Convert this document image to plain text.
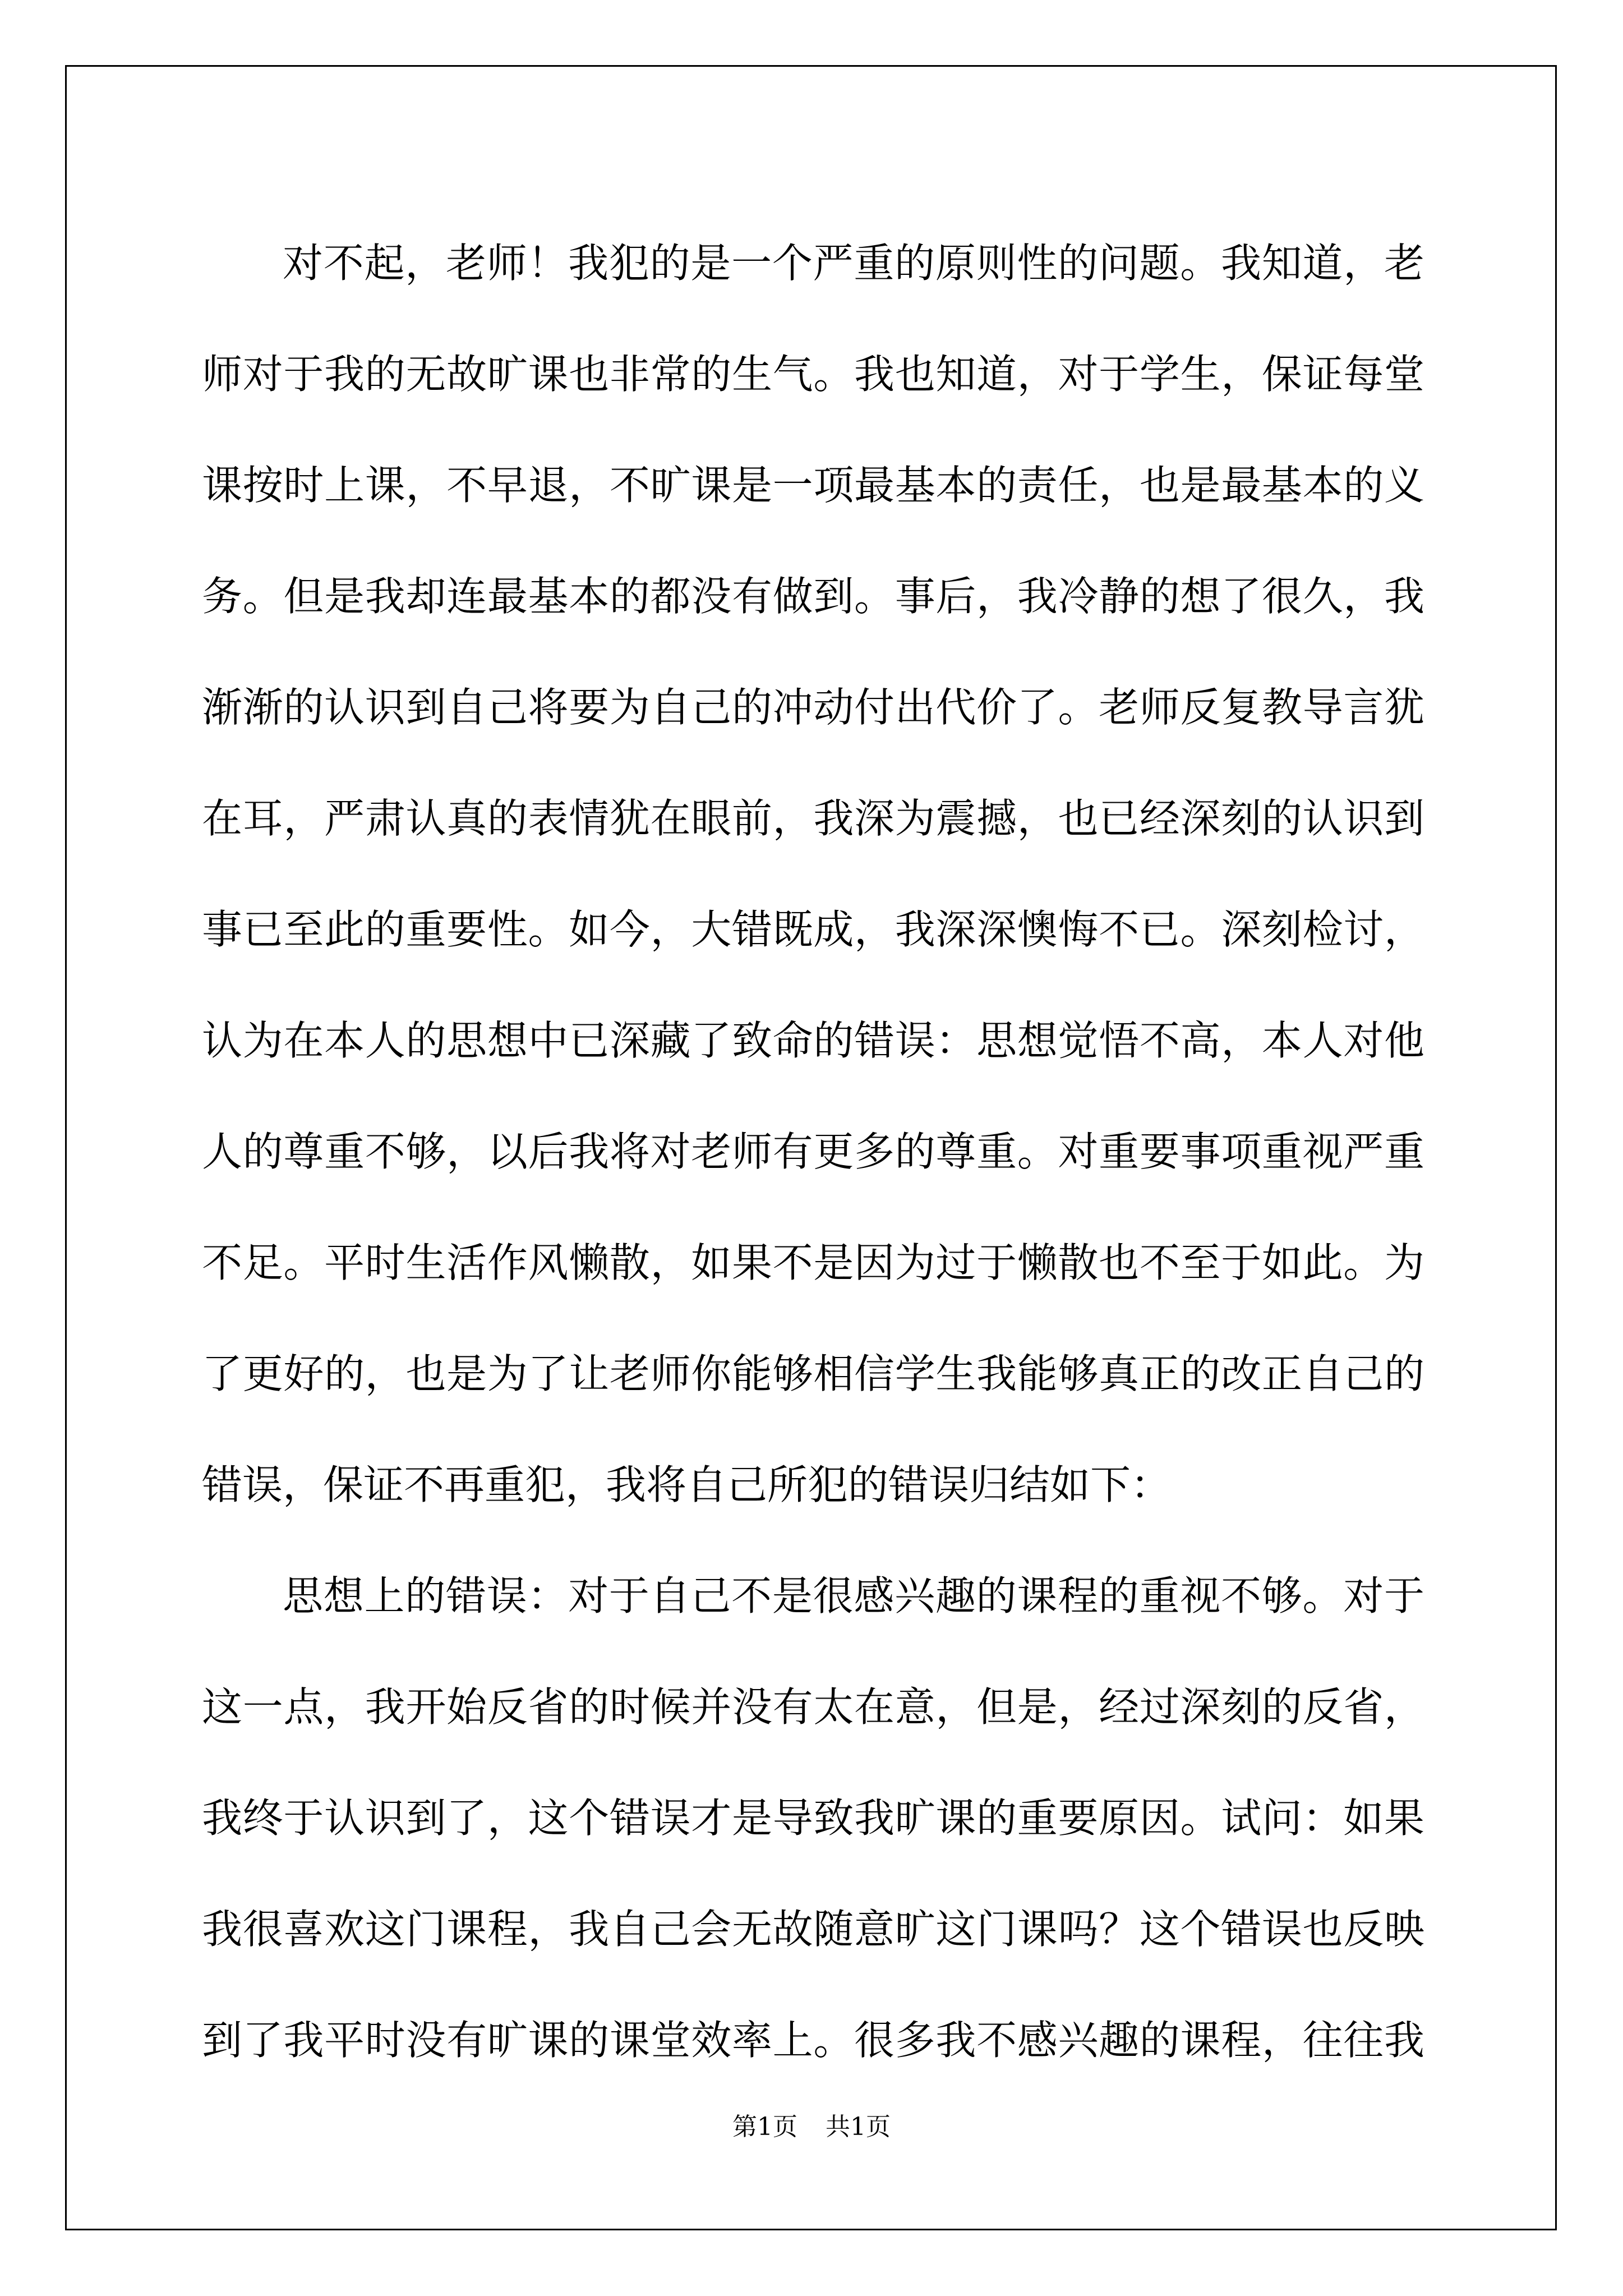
对不起，老师！我犯的是一个严重的原则性的问题。我知道，老
师对于我的无故旷课也非常的生气。我也知道，对于学生，保证每堂
课按时上课，不早退，不旷课是一项最基本的责任，也是最基本的义
务。但是我却连最基本的都没有做到。事后，我冷静的想了很久，我
渐渐的认识到自己将要为自己的冲动付出代价了。老师反复教导言犹
在耳，严肃认真的表情犹在眼前，我深为震撼，也已经深刻的认识到
事已至此的重要性。如今，大错既成，我深深懊悔不已。深刻检讨，
认为在本人的思想中已深藏了致命的错误：思想觉悟不高，本人对他
人的尊重不够，以后我将对老师有更多的尊重。对重要事项重视严重
不足。平时生活作风懒散，如果不是因为过于懒散也不至于如此。为
了更好的，也是为了让老师你能够相信学生我能够真正的改正自己的
错误，保证不再重犯，我将自己所犯的错误归结如下：
思想上的错误：对于自己不是很感兴趣的课程的重视不够。对于
这一点，我开始反省的时候并没有太在意，但是，经过深刻的反省，
我终于认识到了，这个错误才是导致我旷课的重要原因。试问：如果
我很喜欢这门课程，我自己会无故随意旷这门课吗？这个错误也反映
到了我平时没有旷课的课堂效率上。很多我不感兴趣的课程，往往我
第1页 共1页
